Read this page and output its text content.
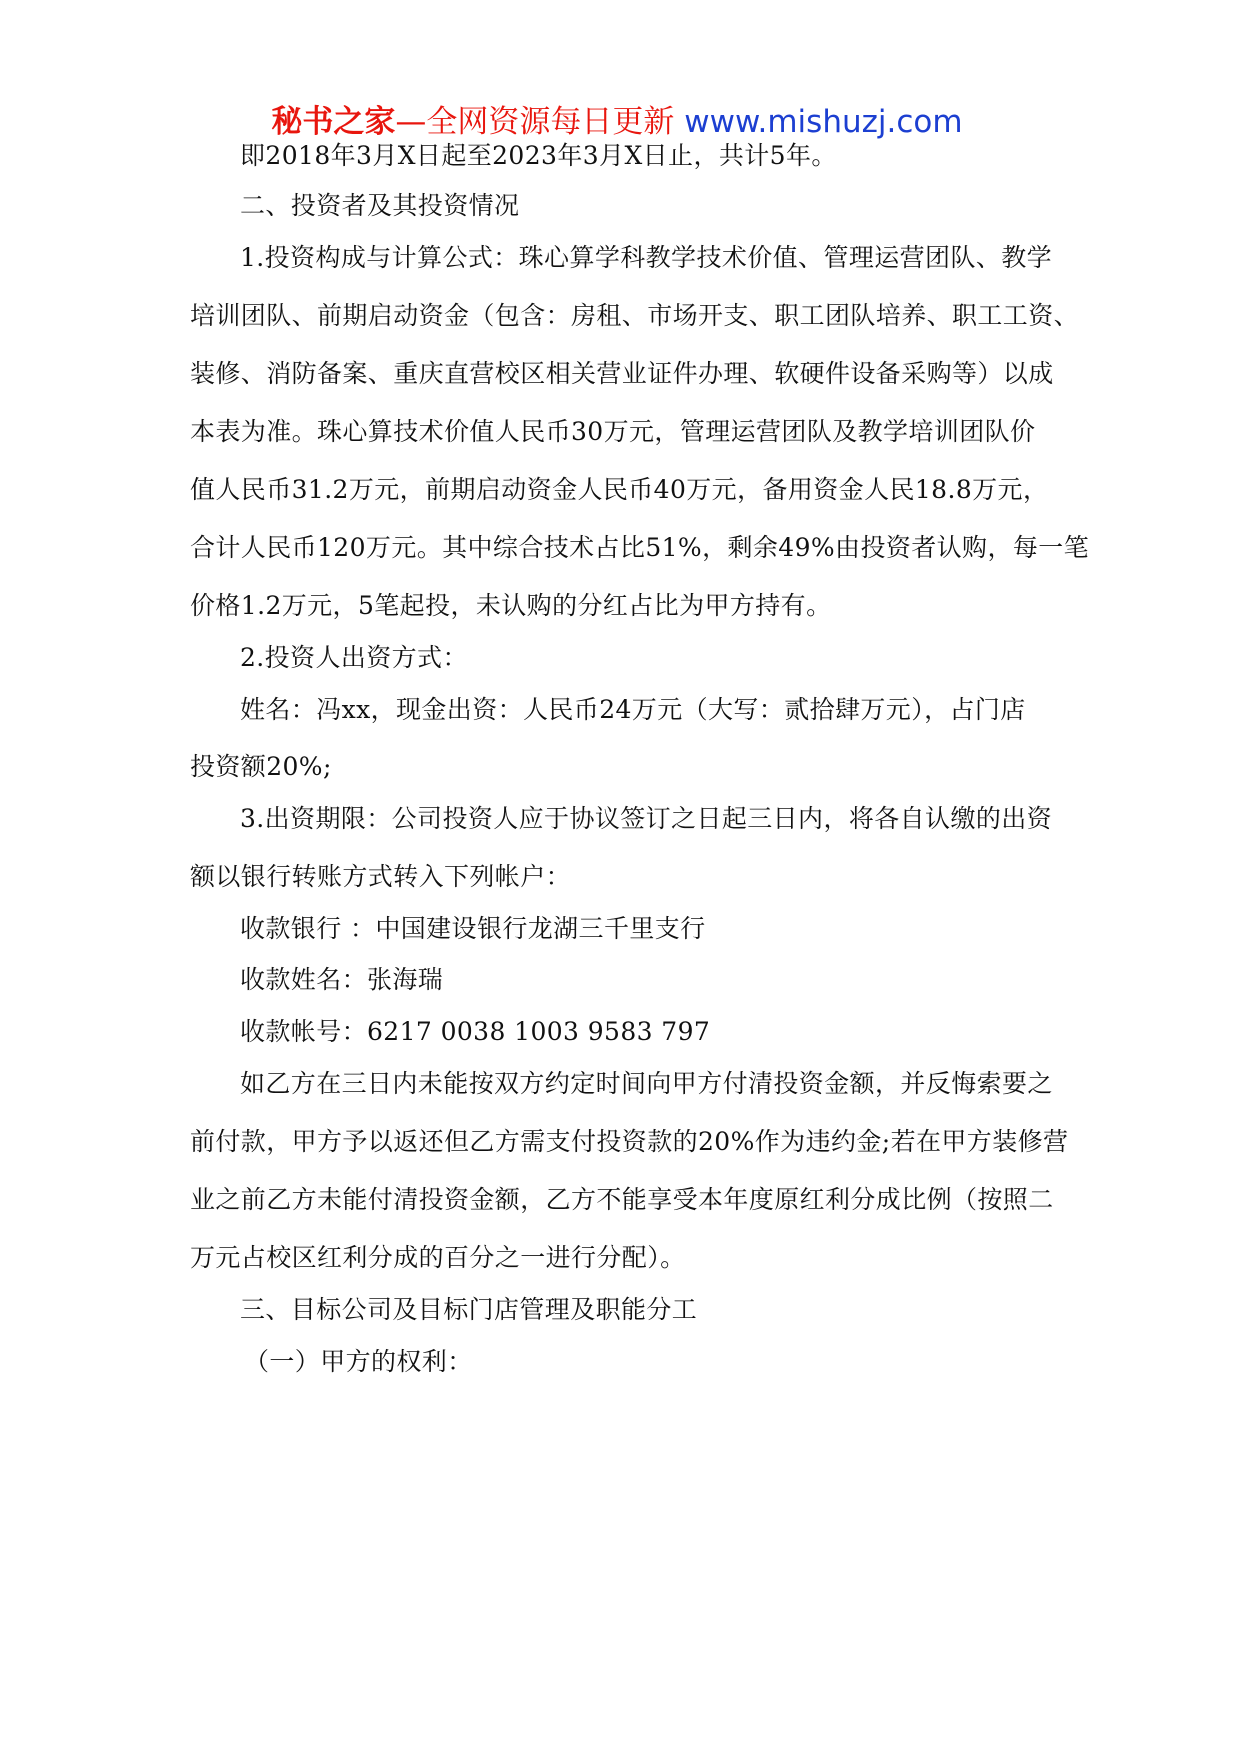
秘书之家—全网资源每日更新 www.mishuzj.com
即2018年3月X日起至2023年3月X日止，共计5年。
二、投资者及其投资情况
1.投资构成与计算公式：珠心算学科教学技术价值、管理运营团队、教学
培训团队、前期启动资金（包含：房租、市场开支、职工团队培养、职工工资、
装修、消防备案、重庆直营校区相关营业证件办理、软硬件设备采购等）以成
本表为准。珠心算技术价值人民币30万元，管理运营团队及教学培训团队价
值人民币31.2万元，前期启动资金人民币40万元，备用资金人民18.8万元，
合计人民币120万元。其中综合技术占比51%，剩余49%由投资者认购，每一笔
价格1.2万元，5笔起投，未认购的分红占比为甲方持有。
2.投资人出资方式：
姓名：冯xx，现金出资：人民币24万元（大写：贰拾肆万元），占门店
投资额20%;
3.出资期限：公司投资人应于协议签订之日起三日内，将各自认缴的出资
额以银行转账方式转入下列帐户：
收款银行 ：中国建设银行龙湖三千里支行
收款姓名：张海瑞
收款帐号：6217 0038 1003 9583 797
如乙方在三日内未能按双方约定时间向甲方付清投资金额，并反悔索要之
前付款，甲方予以返还但乙方需支付投资款的20%作为违约金;若在甲方装修营
业之前乙方未能付清投资金额，乙方不能享受本年度原红利分成比例（按照二
万元占校区红利分成的百分之一进行分配）。
三、目标公司及目标门店管理及职能分工
（一）甲方的权利：
